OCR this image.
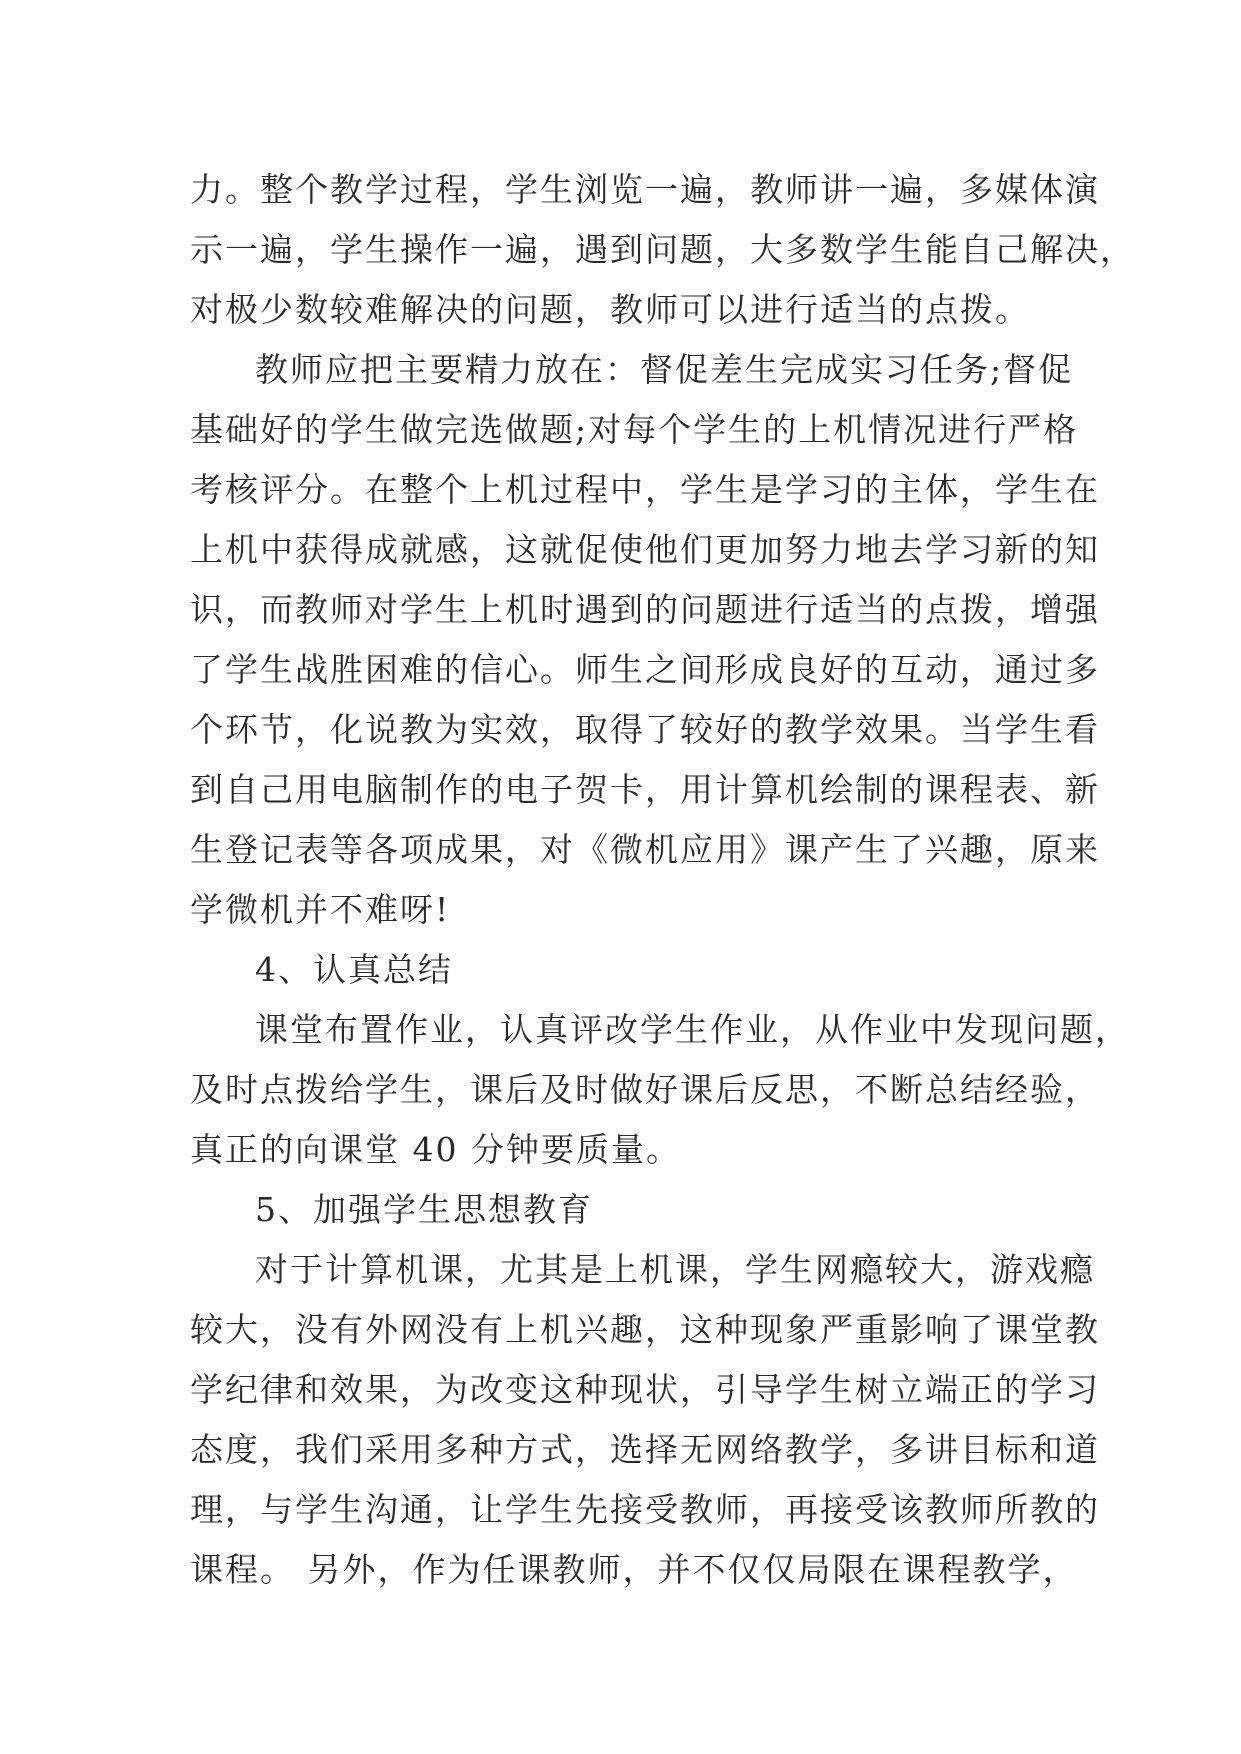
力。整个教学过程，学生浏览一遍，教师讲一遍，多媒体演
示一遍，学生操作一遍，遇到问题，大多数学生能自己解决，
对极少数较难解决的问题，教师可以进行适当的点拨。
教师应把主要精力放在：督促差生完成实习任务;督促
基础好的学生做完选做题;对每个学生的上机情况进行严格
考核评分。在整个上机过程中，学生是学习的主体，学生在
上机中获得成就感，这就促使他们更加努力地去学习新的知
识，而教师对学生上机时遇到的问题进行适当的点拨，增强
了学生战胜困难的信心。师生之间形成良好的互动，通过多
个环节，化说教为实效，取得了较好的教学效果。当学生看
到自己用电脑制作的电子贺卡，用计算机绘制的课程表、新
生登记表等各项成果，对《微机应用》课产生了兴趣，原来
学微机并不难呀!
4、认真总结
课堂布置作业，认真评改学生作业，从作业中发现问题，
及时点拨给学生，课后及时做好课后反思，不断总结经验，
真正的向课堂 40 分钟要质量。
5、加强学生思想教育
对于计算机课，尤其是上机课，学生网瘾较大，游戏瘾
较大，没有外网没有上机兴趣，这种现象严重影响了课堂教
学纪律和效果，为改变这种现状，引导学生树立端正的学习
态度，我们采用多种方式，选择无网络教学，多讲目标和道
理，与学生沟通，让学生先接受教师，再接受该教师所教的
课程。 另外，作为任课教师，并不仅仅局限在课程教学，
